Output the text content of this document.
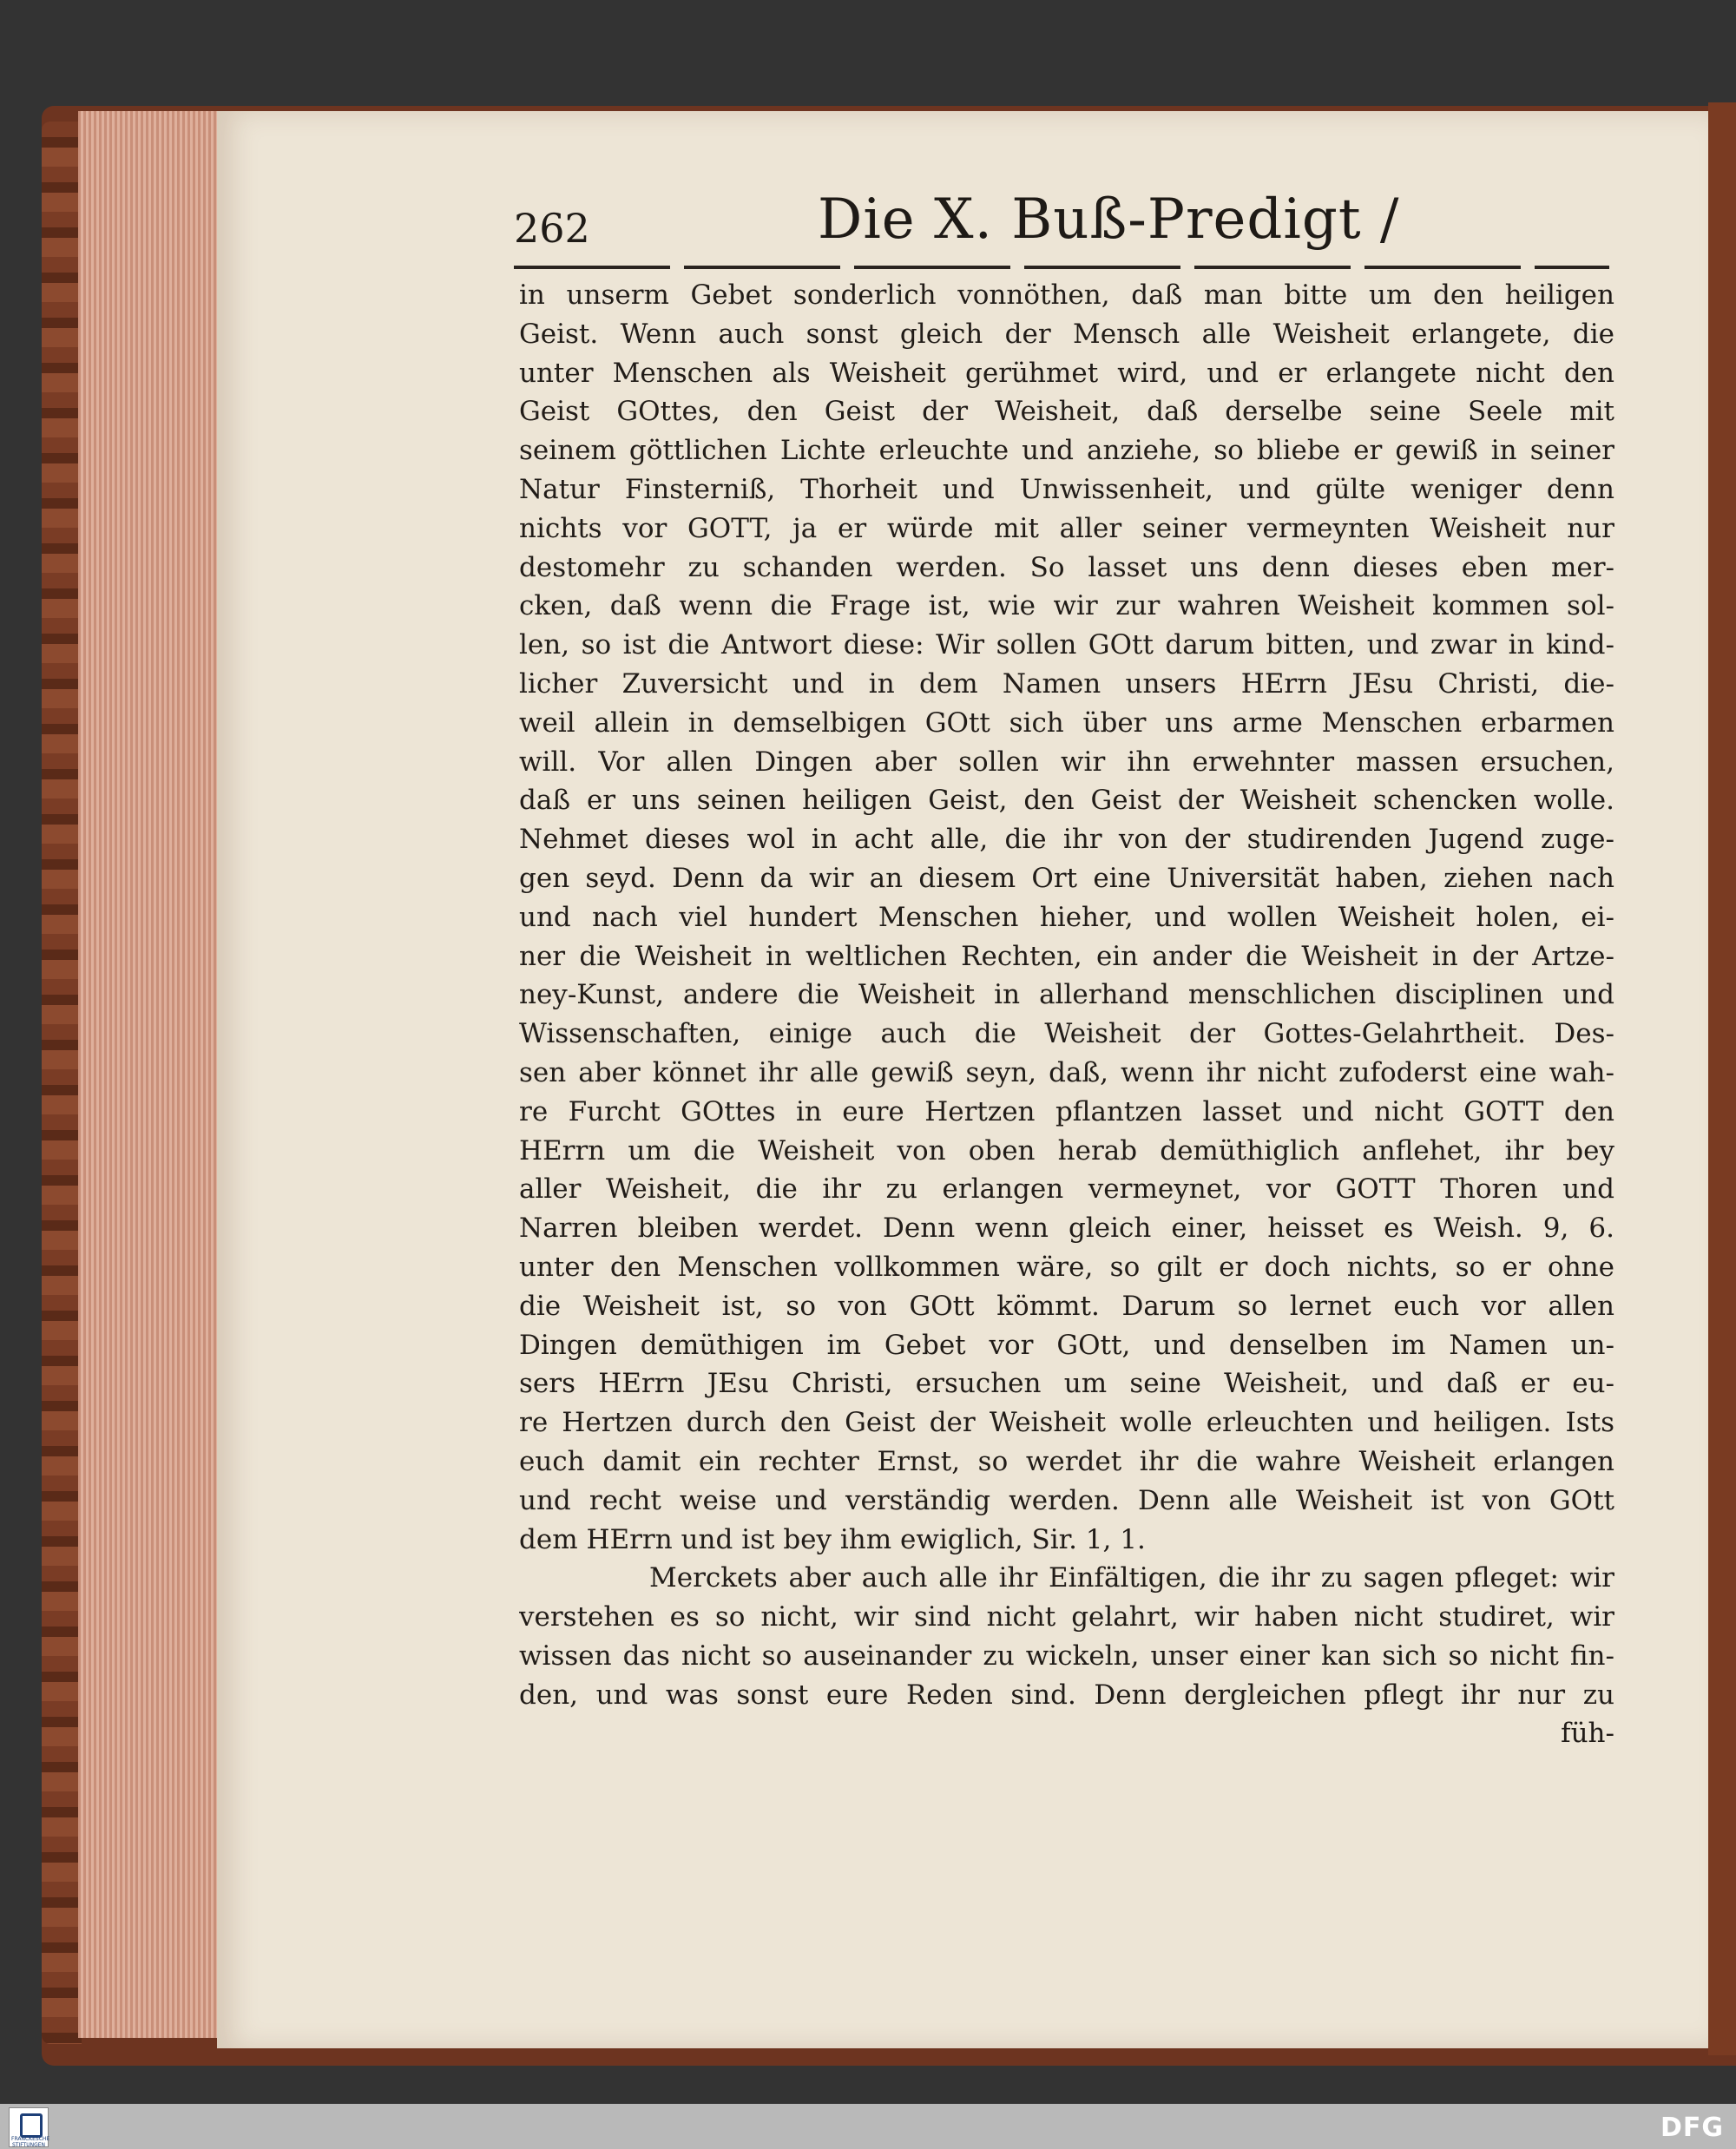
262	Die X. Buß-Predigt /
in unserm Gebet sonderlich vonnöthen, daß man bitte um den heiligen
Geist. Wenn auch sonst gleich der Mensch alle Weisheit erlangete, die
unter Menschen als Weisheit gerühmet wird, und er erlangete nicht den
Geist GOttes, den Geist der Weisheit, daß derselbe seine Seele mit
seinem göttlichen Lichte erleuchte und anziehe, so bliebe er gewiß in seiner
Natur Finsterniß, Thorheit und Unwissenheit, und gülte weniger denn
nichts vor GOTT, ja er würde mit aller seiner vermeynten Weisheit nur
destomehr zu schanden werden. So lasset uns denn dieses eben mer-
cken, daß wenn die Frage ist, wie wir zur wahren Weisheit kommen sol-
len, so ist die Antwort diese: Wir sollen GOtt darum bitten, und zwar in kind-
licher Zuversicht und in dem Namen unsers HErrn JEsu Christi, die-
weil allein in demselbigen GOtt sich über uns arme Menschen erbarmen
will. Vor allen Dingen aber sollen wir ihn erwehnter massen ersuchen,
daß er uns seinen heiligen Geist, den Geist der Weisheit schencken wolle.
Nehmet dieses wol in acht alle, die ihr von der studirenden Jugend zuge-
gen seyd. Denn da wir an diesem Ort eine Universität haben, ziehen nach
und nach viel hundert Menschen hieher, und wollen Weisheit holen, ei-
ner die Weisheit in weltlichen Rechten, ein ander die Weisheit in der Artze-
ney-Kunst, andere die Weisheit in allerhand menschlichen disciplinen und
Wissenschaften, einige auch die Weisheit der Gottes-Gelahrtheit. Des-
sen aber könnet ihr alle gewiß seyn, daß, wenn ihr nicht zufoderst eine wah-
re Furcht GOttes in eure Hertzen pflantzen lasset und nicht GOTT den
HErrn um die Weisheit von oben herab demüthiglich anflehet, ihr bey
aller Weisheit, die ihr zu erlangen vermeynet, vor GOTT Thoren und
Narren bleiben werdet. Denn wenn gleich einer, heisset es Weish. 9, 6.
unter den Menschen vollkommen wäre, so gilt er doch nichts, so er ohne
die Weisheit ist, so von GOtt kömmt. Darum so lernet euch vor allen
Dingen demüthigen im Gebet vor GOtt, und denselben im Namen un-
sers HErrn JEsu Christi, ersuchen um seine Weisheit, und daß er eu-
re Hertzen durch den Geist der Weisheit wolle erleuchten und heiligen. Ists
euch damit ein rechter Ernst, so werdet ihr die wahre Weisheit erlangen
und recht weise und verständig werden. Denn alle Weisheit ist von GOtt
dem HErrn und ist bey ihm ewiglich, Sir. 1, 1.
Merckets aber auch alle ihr Einfältigen, die ihr zu sagen pfleget: wir
verstehen es so nicht, wir sind nicht gelahrt, wir haben nicht studiret, wir
wissen das nicht so auseinander zu wickeln, unser einer kan sich so nicht fin-
den, und was sonst eure Reden sind. Denn dergleichen pflegt ihr nur zu
füh-
FRANCKESCHE STIFTUNGEN
DFG
